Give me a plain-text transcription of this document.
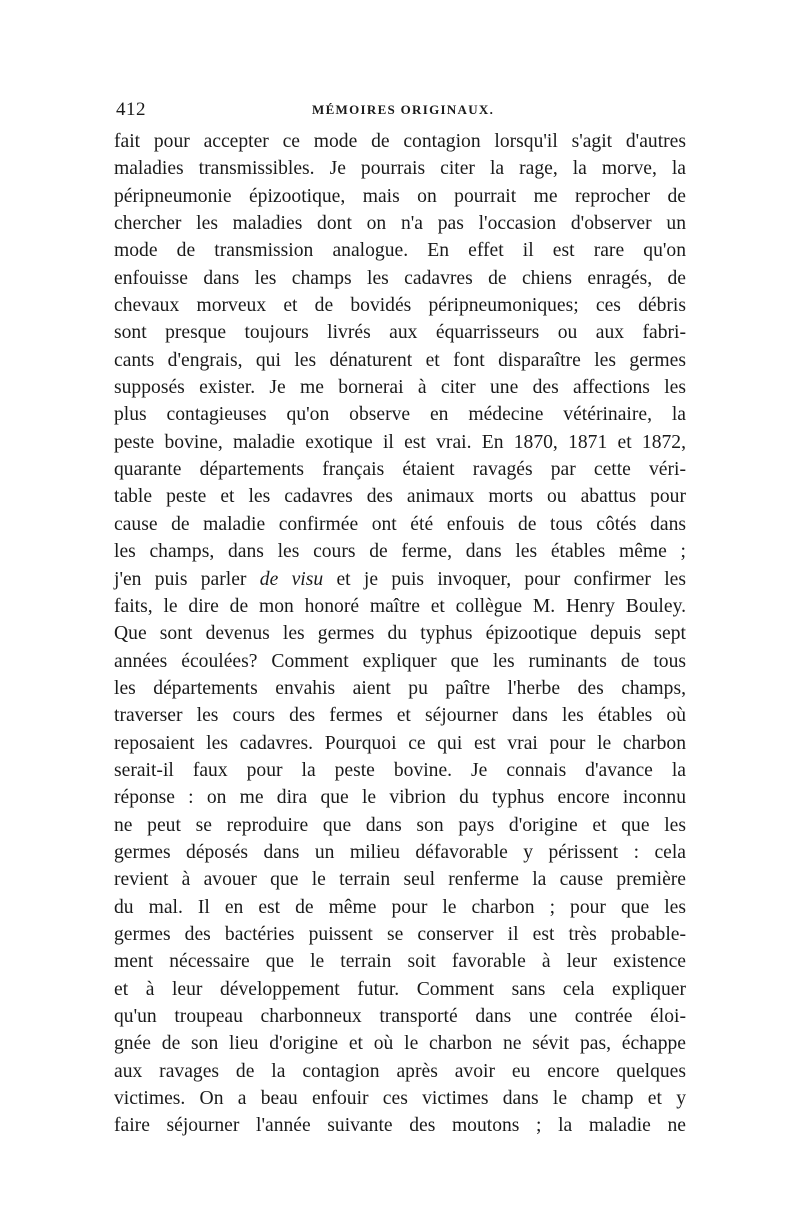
412	MÉMOIRES ORIGINAUX.
fait pour accepter ce mode de contagion lorsqu'il s'agit d'autres
maladies transmissibles. Je pourrais citer la rage, la morve, la
péripneumonie épizootique, mais on pourrait me reprocher de
chercher les maladies dont on n'a pas l'occasion d'observer un
mode de transmission analogue. En effet il est rare qu'on
enfouisse dans les champs les cadavres de chiens enragés, de
chevaux morveux et de bovidés péripneumoniques; ces débris
sont presque toujours livrés aux équarrisseurs ou aux fabri-
cants d'engrais, qui les dénaturent et font disparaître les germes
supposés exister. Je me bornerai à citer une des affections les
plus contagieuses qu'on observe en médecine vétérinaire, la
peste bovine, maladie exotique il est vrai. En 1870, 1871 et 1872,
quarante départements français étaient ravagés par cette véri-
table peste et les cadavres des animaux morts ou abattus pour
cause de maladie confirmée ont été enfouis de tous côtés dans
les champs, dans les cours de ferme, dans les étables même ;
j'en puis parler de visu et je puis invoquer, pour confirmer les
faits, le dire de mon honoré maître et collègue M. Henry Bouley.
Que sont devenus les germes du typhus épizootique depuis sept
années écoulées? Comment expliquer que les ruminants de tous
les départements envahis aient pu paître l'herbe des champs,
traverser les cours des fermes et séjourner dans les étables où
reposaient les cadavres. Pourquoi ce qui est vrai pour le charbon
serait-il faux pour la peste bovine. Je connais d'avance la
réponse : on me dira que le vibrion du typhus encore inconnu
ne peut se reproduire que dans son pays d'origine et que les
germes déposés dans un milieu défavorable y périssent : cela
revient à avouer que le terrain seul renferme la cause première
du mal. Il en est de même pour le charbon ; pour que les
germes des bactéries puissent se conserver il est très probable-
ment nécessaire que le terrain soit favorable à leur existence
et à leur développement futur. Comment sans cela expliquer
qu'un troupeau charbonneux transporté dans une contrée éloi-
gnée de son lieu d'origine et où le charbon ne sévit pas, échappe
aux ravages de la contagion après avoir eu encore quelques
victimes. On a beau enfouir ces victimes dans le champ et y
faire séjourner l'année suivante des moutons ; la maladie ne
